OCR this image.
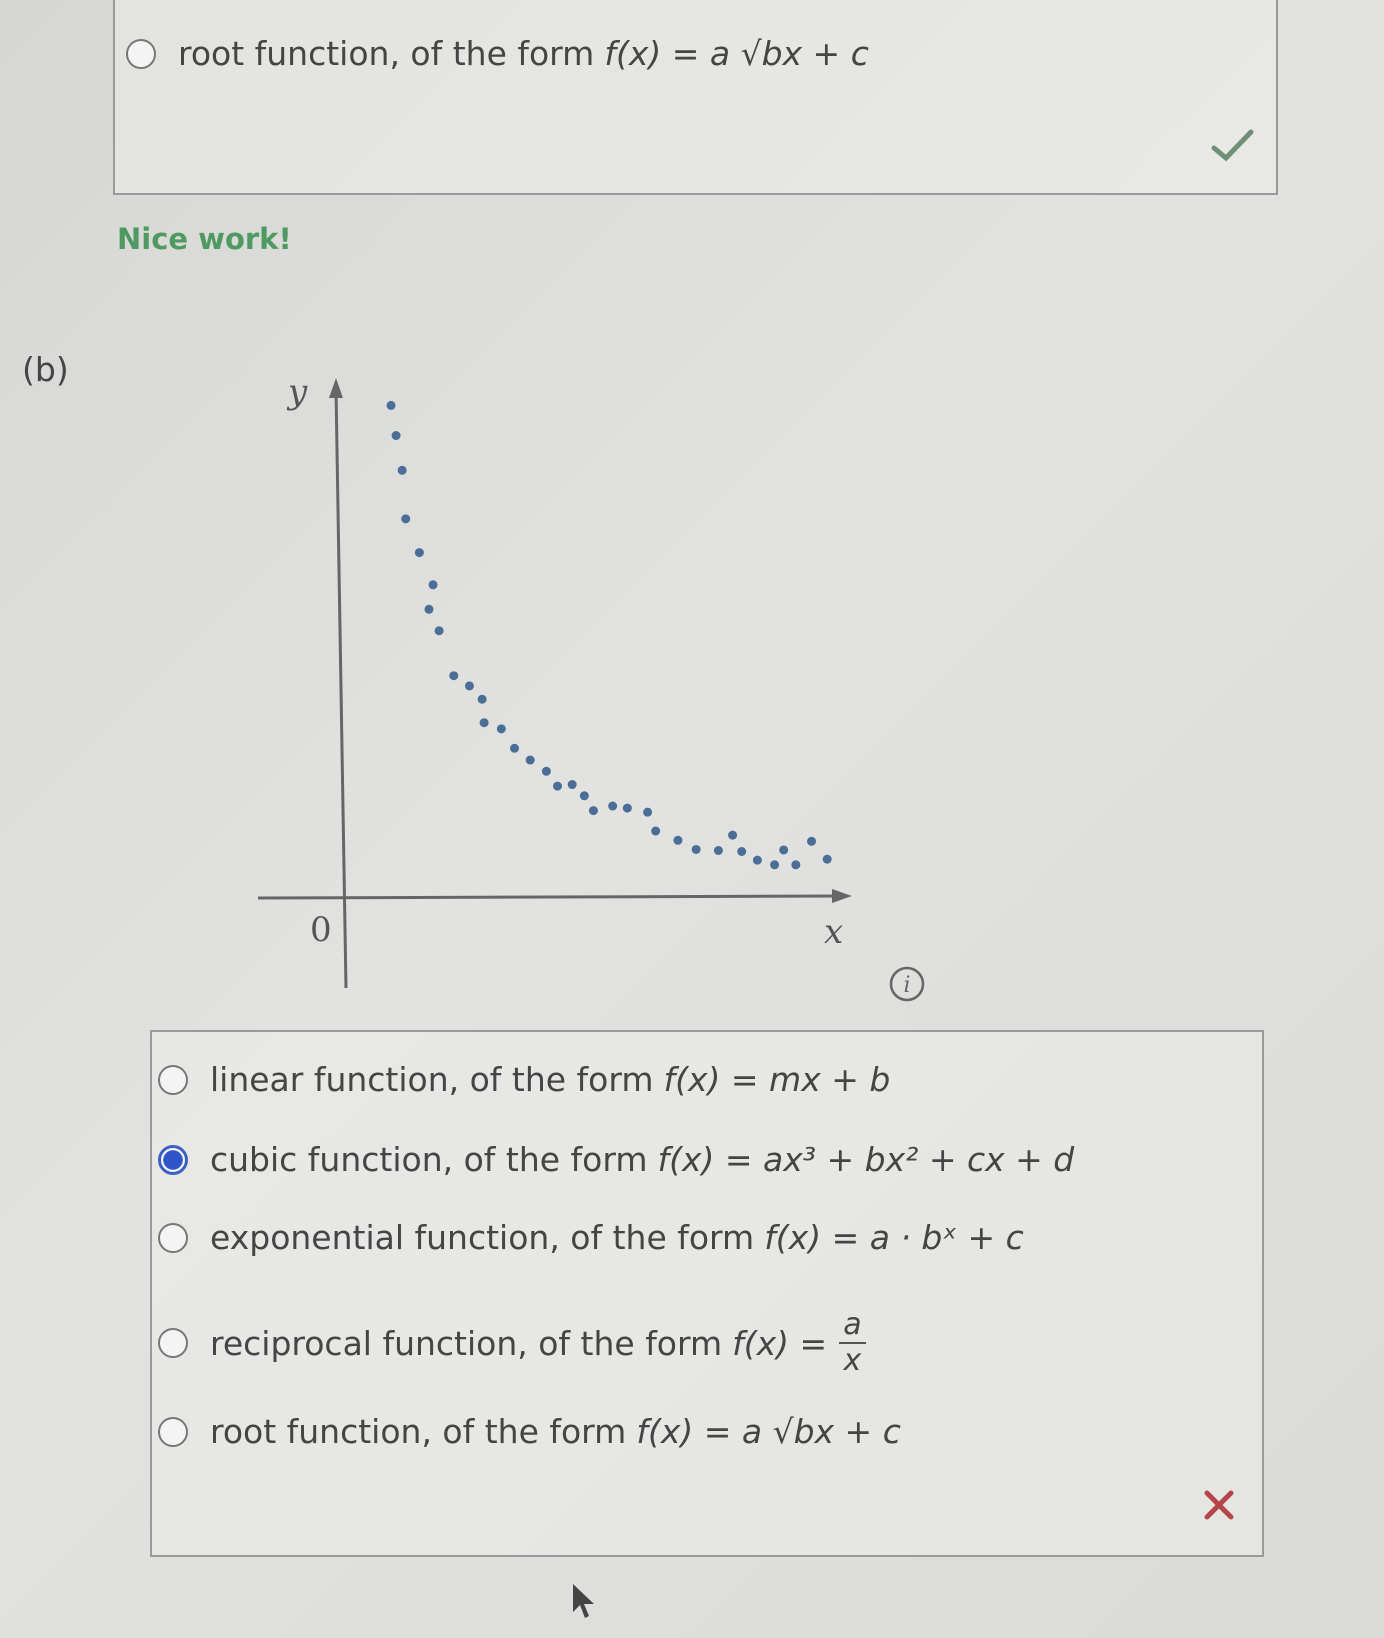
root function, of the form f(x) = a √bx + c
Nice work!
(b)
y
0	x
i
linear function, of the form f(x) = mx + b
cubic function, of the form f(x) = ax³ + bx² + cx + d
exponential function, of the form f(x) = a · bˣ + c
reciprocal function, of the form $f(x) = \frac{a}{x}$
root function, of the form f(x) = a √bx + c
